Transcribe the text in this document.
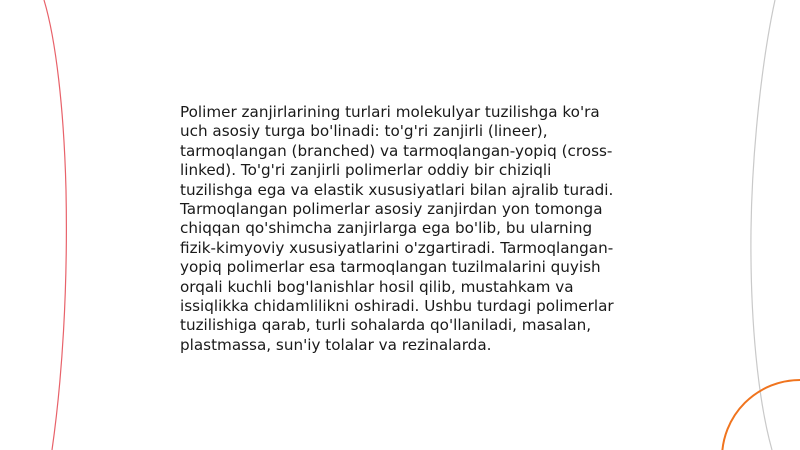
Polimer zanjirlarining turlari molekulyar tuzilishga ko'ra uch asosiy turga bo'linadi: to'g'ri zanjirli (lineer), tarmoqlangan (branched) va tarmoqlangan-yopiq (cross-linked). To'g'ri zanjirli polimerlar oddiy bir chiziqli tuzilishga ega va elastik xususiyatlari bilan ajralib turadi. Tarmoqlangan polimerlar asosiy zanjirdan yon tomonga chiqqan qo'shimcha zanjirlarga ega bo'lib, bu ularning fizik-kimyoviy xususiyatlarini o'zgartiradi. Tarmoqlangan-yopiq polimerlar esa tarmoqlangan tuzilmalarini quyish orqali kuchli bog'lanishlar hosil qilib, mustahkam va issiqlikka chidamlilikni oshiradi. Ushbu turdagi polimerlar tuzilishiga qarab, turli sohalarda qo'llaniladi, masalan, plastmassa, sun'iy tolalar va rezinalarda.
